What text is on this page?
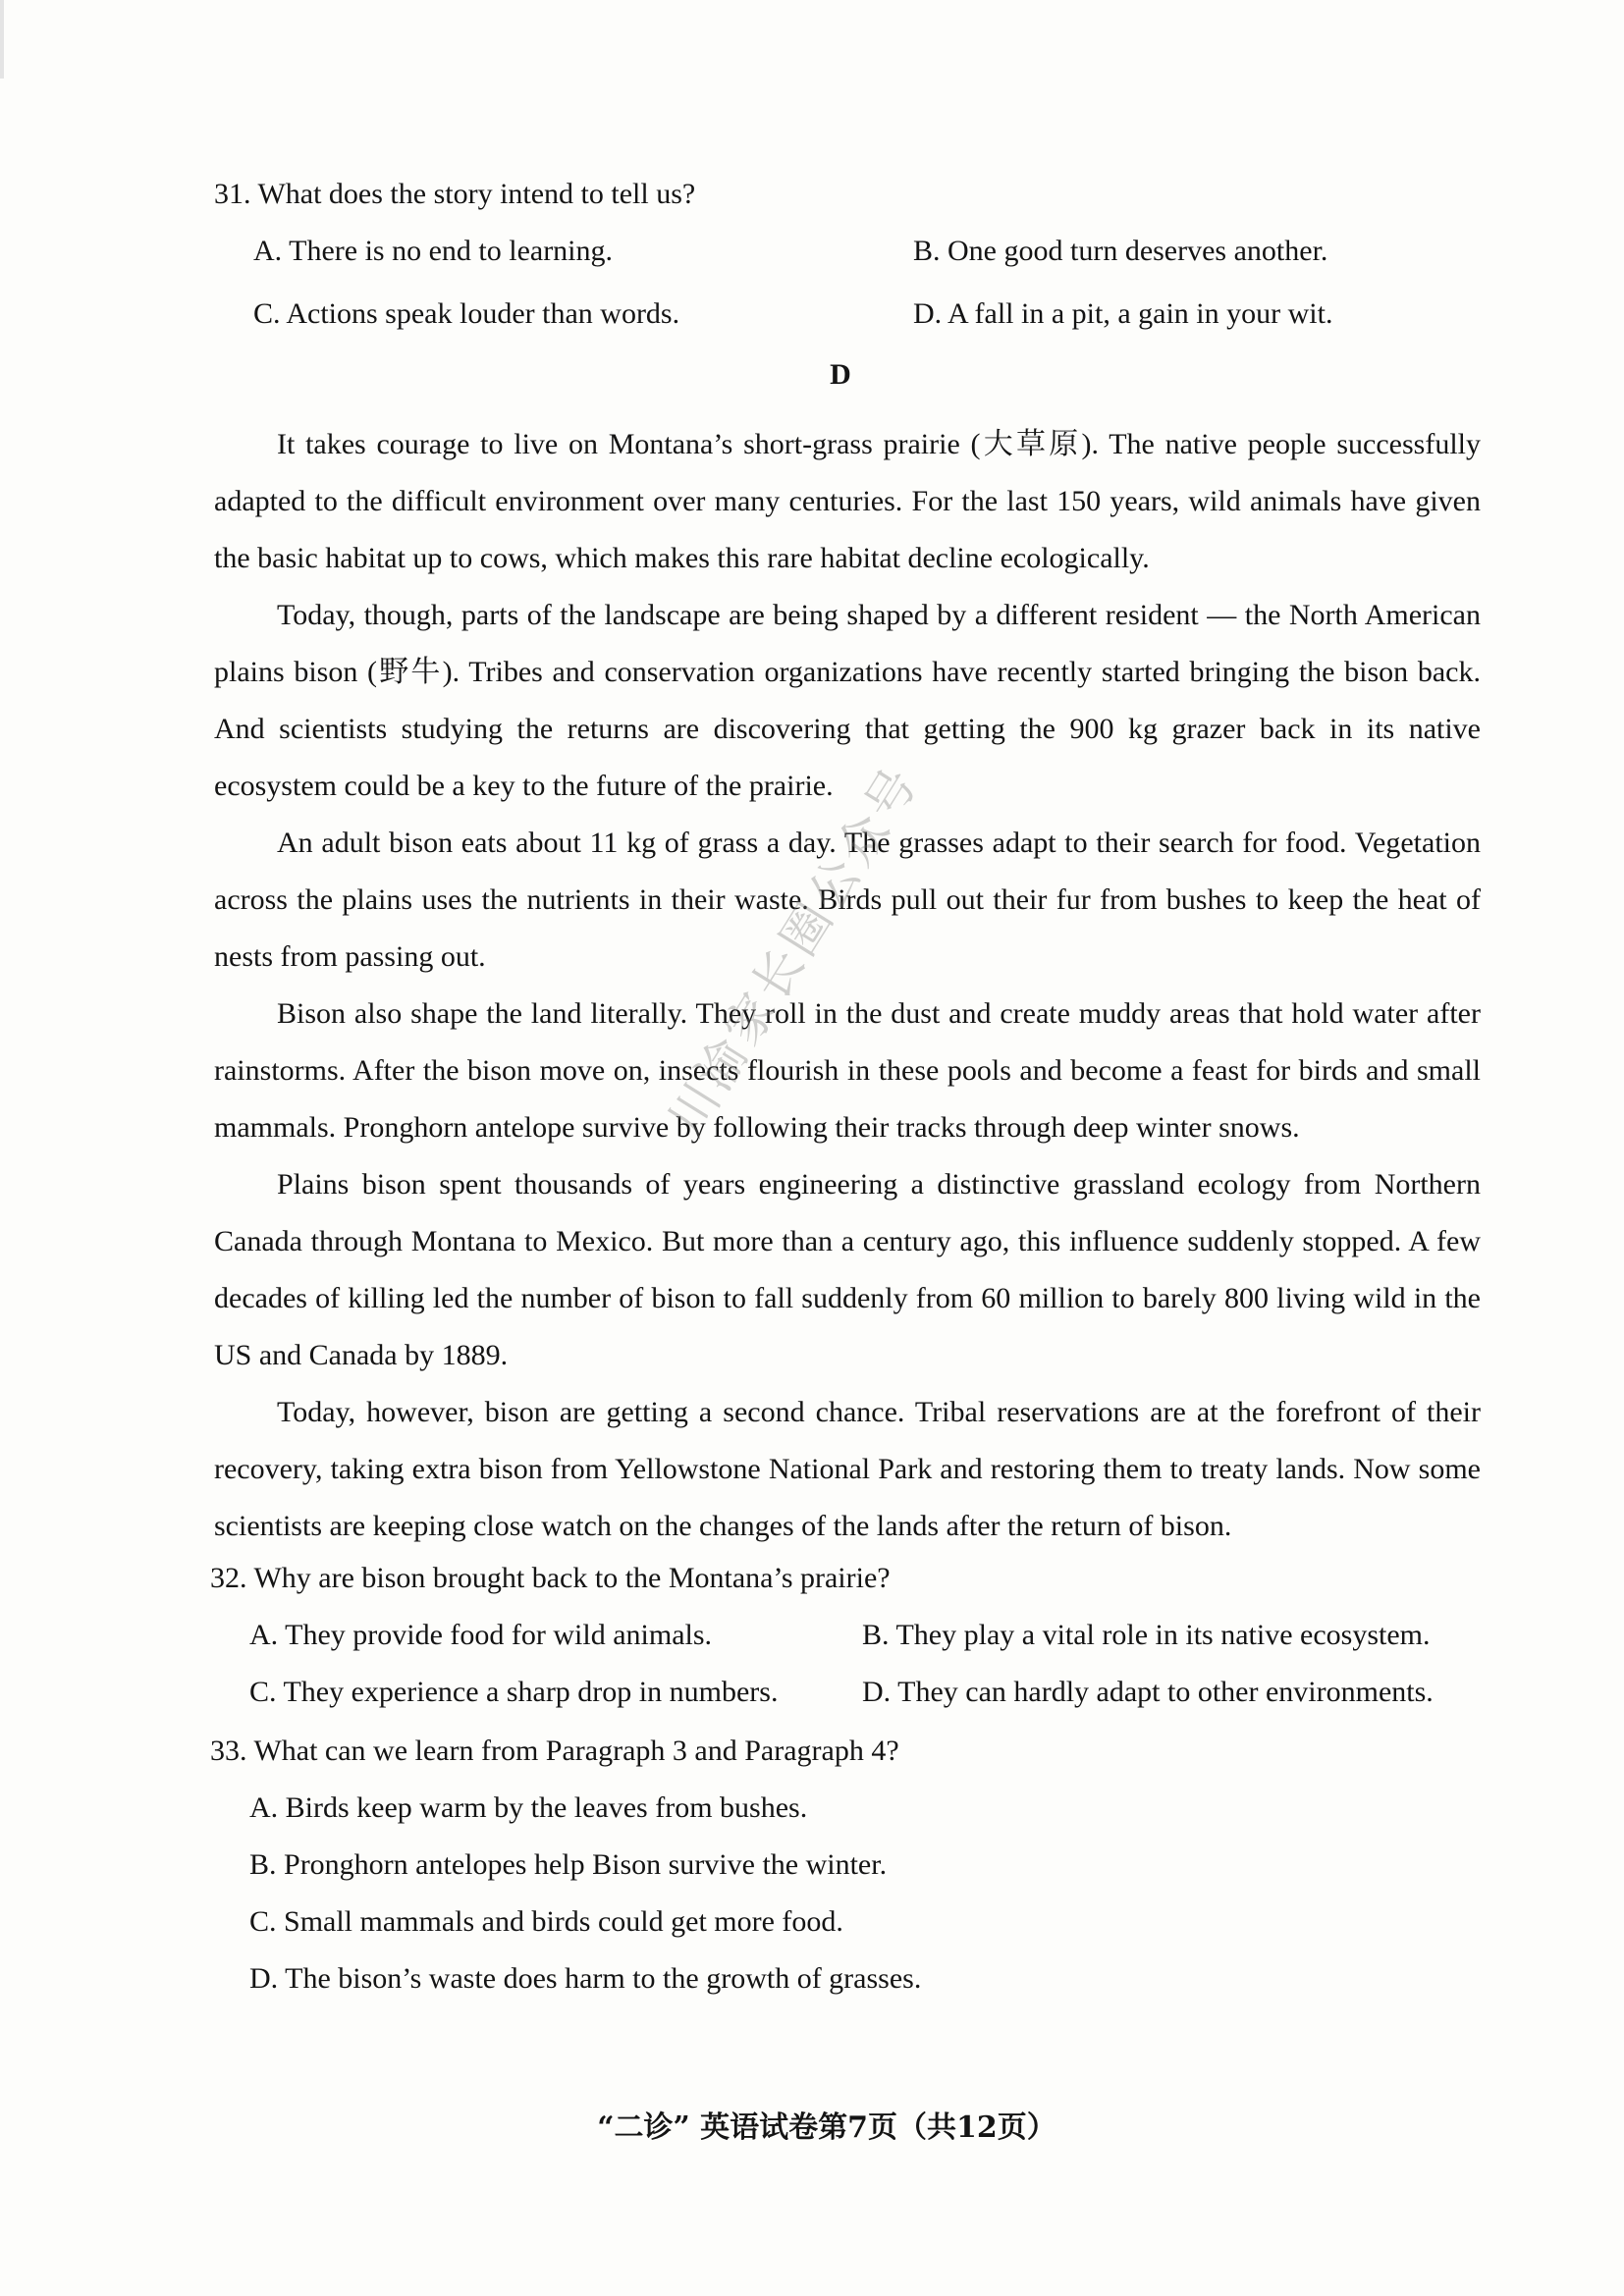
31. What does the story intend to tell us?

A. There is no end to learning.	B. One good turn deserves another.
C. Actions speak louder than words.	D. A fall in a pit, a gain in your wit.
D

It takes courage to live on Montana’s short-grass prairie (大草原). The native people successfully adapted to the difficult environment over many centuries. For the last 150 years, wild animals have given the basic habitat up to cows, which makes this rare habitat decline ecologically.

Today, though, parts of the landscape are being shaped by a different resident — the North American plains bison (野牛). Tribes and conservation organizations have recently started bringing the bison back. And scientists studying the returns are discovering that getting the 900 kg grazer back in its native ecosystem could be a key to the future of the prairie.

An adult bison eats about 11 kg of grass a day. The grasses adapt to their search for food. Vegetation across the plains uses the nutrients in their waste. Birds pull out their fur from bushes to keep the heat of nests from passing out.

Bison also shape the land literally. They roll in the dust and create muddy areas that hold water after rainstorms. After the bison move on, insects flourish in these pools and become a feast for birds and small mammals. Pronghorn antelope survive by following their tracks through deep winter snows.

Plains bison spent thousands of years engineering a distinctive grassland ecology from Northern Canada through Montana to Mexico. But more than a century ago, this influence suddenly stopped. A few decades of killing led the number of bison to fall suddenly from 60 million to barely 800 living wild in the US and Canada by 1889.

Today, however, bison are getting a second chance. Tribal reservations are at the forefront of their recovery, taking extra bison from Yellowstone National Park and restoring them to treaty lands. Now some scientists are keeping close watch on the changes of the lands after the return of bison.

32. Why are bison brought back to the Montana’s prairie?

A. They provide food for wild animals.	B. They play a vital role in its native ecosystem.
C. They experience a sharp drop in numbers.	D. They can hardly adapt to other environments.

33. What can we learn from Paragraph 3 and Paragraph 4?

A. Birds keep warm by the leaves from bushes.
B. Pronghorn antelopes help Bison survive the winter.
C. Small mammals and birds could get more food.
D. The bison’s waste does harm to the growth of grasses.
“二诊” 英语试卷第7页（共12页）
川渝家长圈公众号
